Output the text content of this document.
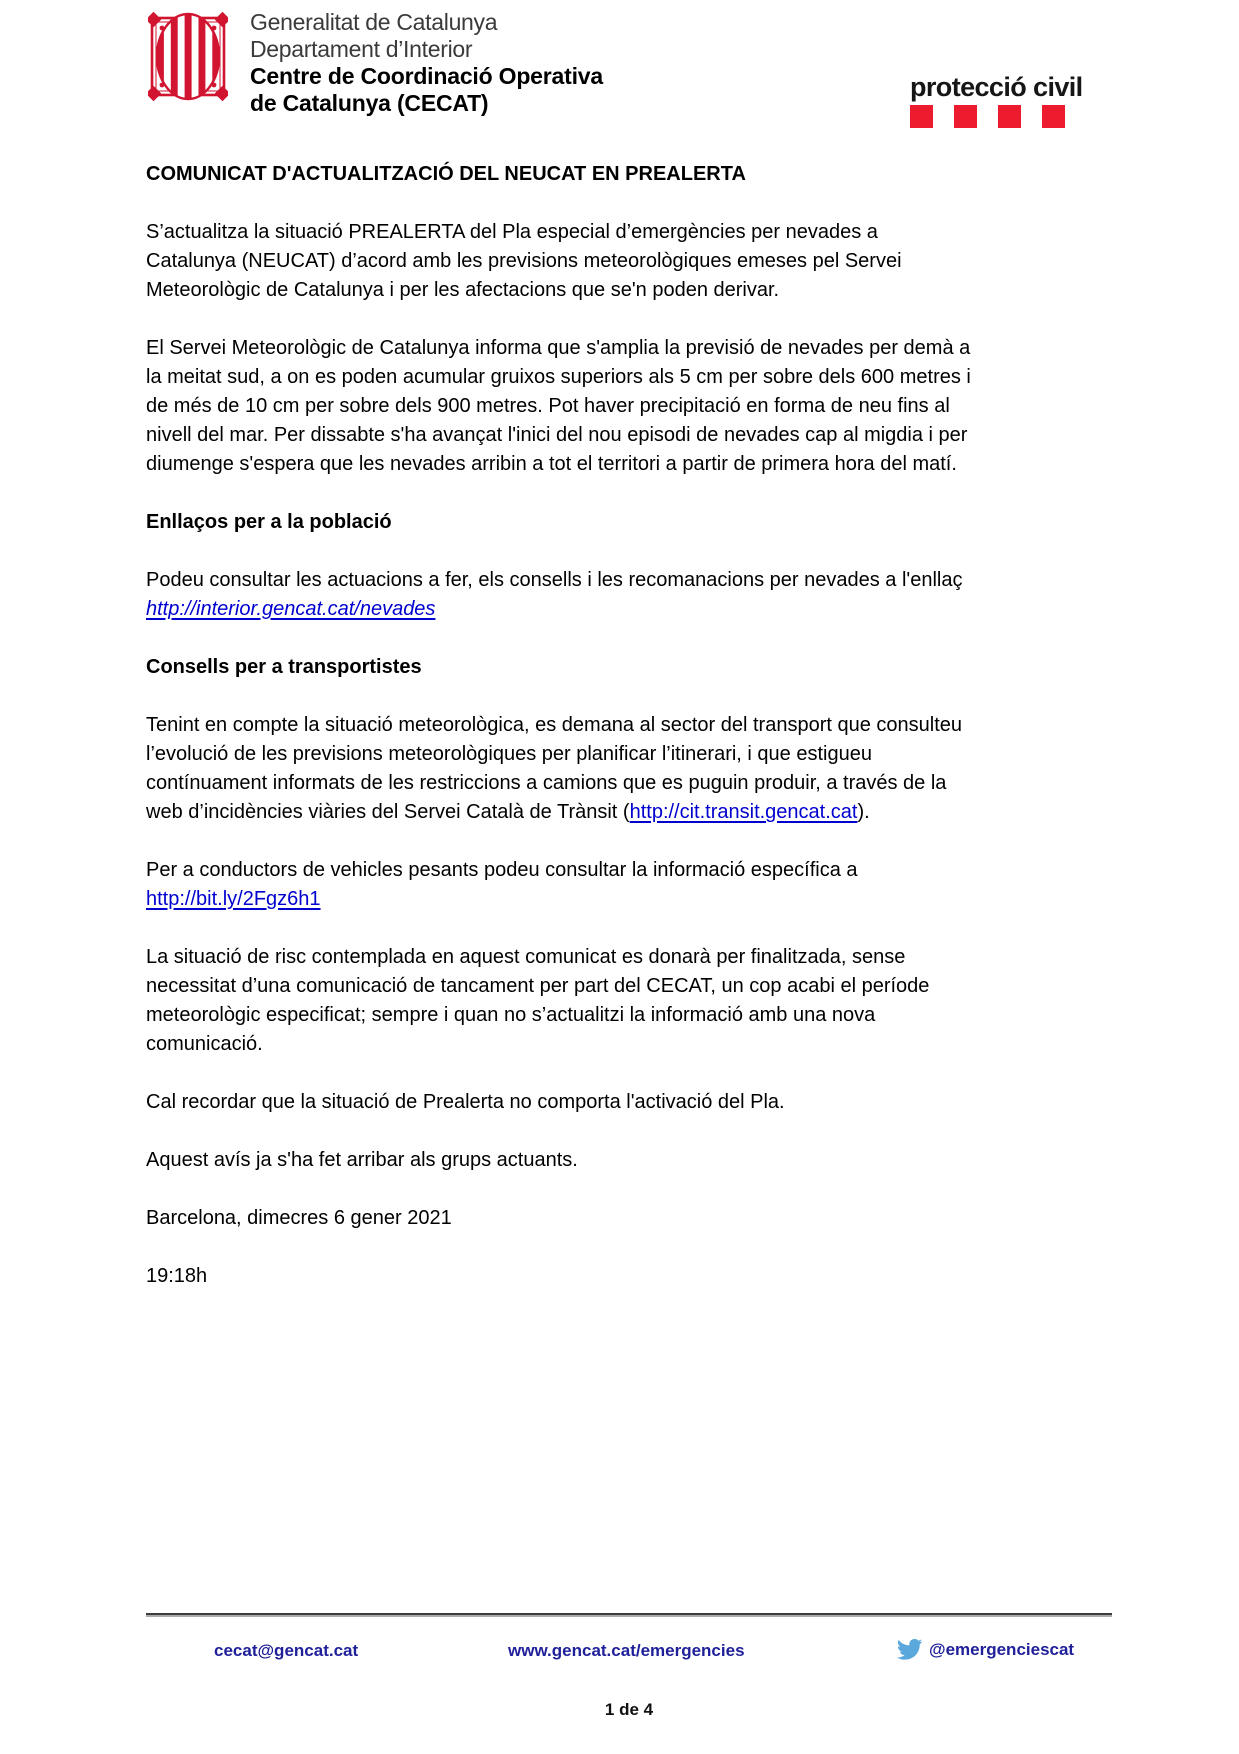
Generalitat de Catalunya
Departament d’Interior
Centre de Coordinació Operativa
de Catalunya (CECAT)
protecció civil
COMUNICAT D'ACTUALITZACIÓ DEL NEUCAT EN PREALERTA

S’actualitza la situació PREALERTA del Pla especial d’emergències per nevades a
Catalunya (NEUCAT) d’acord amb les previsions meteorològiques emeses pel Servei
Meteorològic de Catalunya i per les afectacions que se'n poden derivar.

El Servei Meteorològic de Catalunya informa que s'amplia la previsió de nevades per demà a
la meitat sud, a on es poden acumular gruixos superiors als 5 cm per sobre dels 600 metres i
de més de 10 cm per sobre dels 900 metres. Pot haver precipitació en forma de neu fins al
nivell del mar. Per dissabte s'ha avançat l'inici del nou episodi de nevades cap al migdia i per
diumenge s'espera que les nevades arribin a tot el territori a partir de primera hora del matí.

Enllaços per a la població

Podeu consultar les actuacions a fer, els consells i les recomanacions per nevades a l'enllaç
http://interior.gencat.cat/nevades

Consells per a transportistes

Tenint en compte la situació meteorològica, es demana al sector del transport que consulteu
l’evolució de les previsions meteorològiques per planificar l’itinerari, i que estigueu
contínuament informats de les restriccions a camions que es puguin produir, a través de la
web d’incidències viàries del Servei Català de Trànsit (http://cit.transit.gencat.cat).

Per a conductors de vehicles pesants podeu consultar la informació específica a
http://bit.ly/2Fgz6h1

La situació de risc contemplada en aquest comunicat es donarà per finalitzada, sense
necessitat d’una comunicació de tancament per part del CECAT, un cop acabi el període
meteorològic especificat; sempre i quan no s’actualitzi la informació amb una nova
comunicació.

Cal recordar que la situació de Prealerta no comporta l'activació del Pla.

Aquest avís ja s'ha fet arribar als grups actuants.

Barcelona, dimecres 6 gener 2021

19:18h

cecat@gencat.cat	www.gencat.cat/emergencies	@emergenciescat
1 de 4
